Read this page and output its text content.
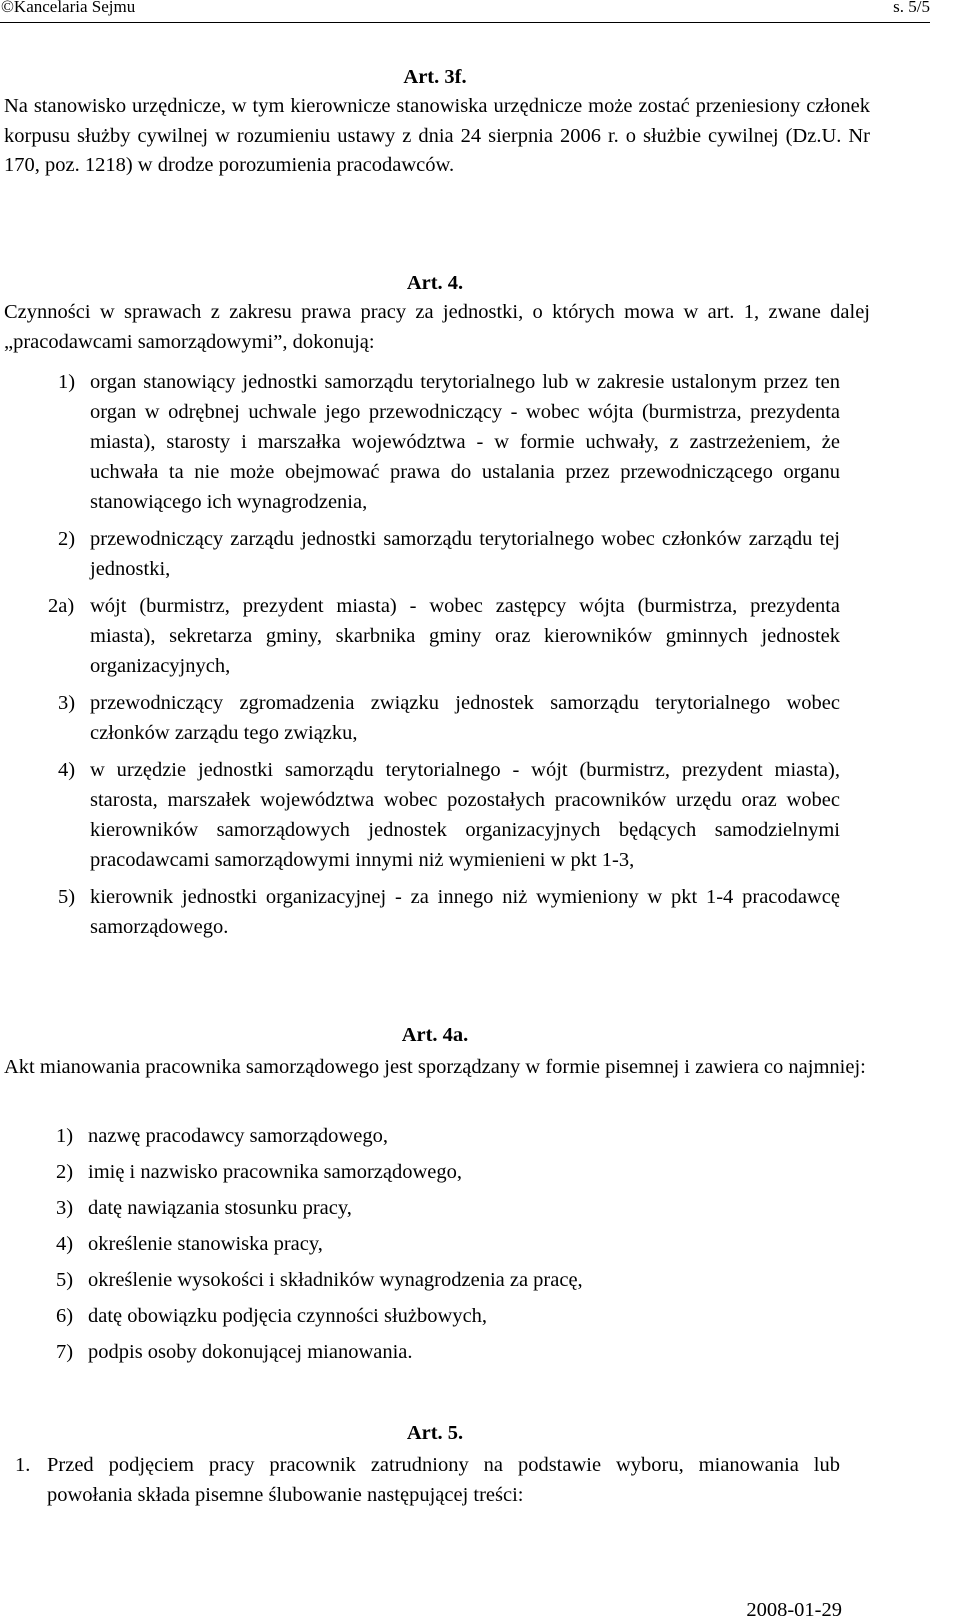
©Kancelaria Sejmu	s. 5/5
Art. 3f.

Na stanowisko urzędnicze, w tym kierownicze stanowiska urzędnicze może zostać przeniesiony członek korpusu służby cywilnej w rozumieniu ustawy z dnia 24 sierpnia 2006 r. o służbie cywilnej (Dz.U. Nr 170, poz. 1218) w drodze porozumienia pracodawców.

Art. 4.

Czynności w sprawach z zakresu prawa pracy za jednostki, o których mowa w art. 1, zwane dalej „pracodawcami samorządowymi”, dokonują:

1) organ stanowiący jednostki samorządu terytorialnego lub w zakresie ustalonym przez ten organ w odrębnej uchwale jego przewodniczący - wobec wójta (burmistrza, prezydenta miasta), starosty i marszałka województwa - w formie uchwały, z zastrzeżeniem, że uchwała ta nie może obejmować prawa do ustalania przez przewodniczącego organu stanowiącego ich wynagrodzenia,
2) przewodniczący zarządu jednostki samorządu terytorialnego wobec członków zarządu tej jednostki,
2a) wójt (burmistrz, prezydent miasta) - wobec zastępcy wójta (burmistrza, prezydenta miasta), sekretarza gminy, skarbnika gminy oraz kierowników gminnych jednostek organizacyjnych,
3) przewodniczący zgromadzenia związku jednostek samorządu terytorialnego wobec członków zarządu tego związku,
4) w urzędzie jednostki samorządu terytorialnego - wójt (burmistrz, prezydent miasta), starosta, marszałek województwa wobec pozostałych pracowników urzędu oraz wobec kierowników samorządowych jednostek organizacyjnych będących samodzielnymi pracodawcami samorządowymi innymi niż wymienieni w pkt 1-3,
5) kierownik jednostki organizacyjnej - za innego niż wymieniony w pkt 1-4 pracodawcę samorządowego.
Art. 4a.

Akt mianowania pracownika samorządowego jest sporządzany w formie pisemnej i zawiera co najmniej:

1) nazwę pracodawcy samorządowego,
2) imię i nazwisko pracownika samorządowego,
3) datę nawiązania stosunku pracy,
4) określenie stanowiska pracy,
5) określenie wysokości i składników wynagrodzenia za pracę,
6) datę obowiązku podjęcia czynności służbowych,
7) podpis osoby dokonującej mianowania.
Art. 5.
1. Przed podjęciem pracy pracownik zatrudniony na podstawie wyboru, mianowania lub powołania składa pisemne ślubowanie następującej treści:
2008-01-29
